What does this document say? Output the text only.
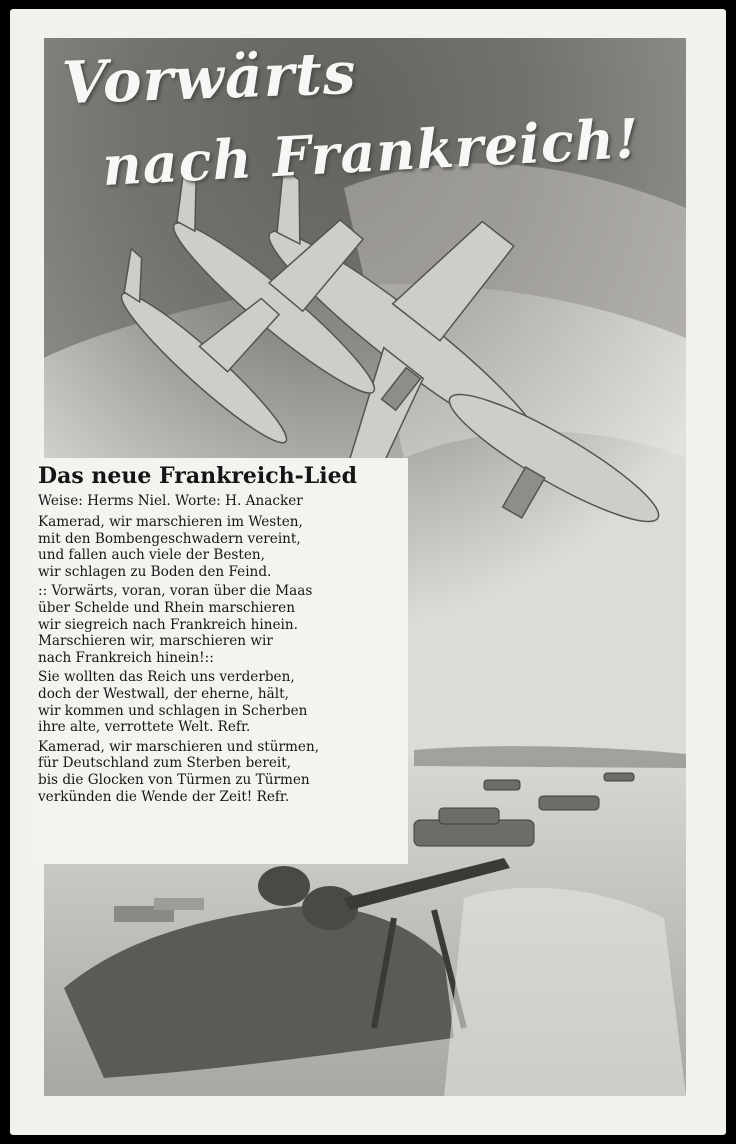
Vorwärts
nach Frankreich!
Das neue Frankreich-Lied
Weise: Herms Niel. Worte: H. Anacker
Kamerad, wir marschieren im Westen,
mit den Bombengeschwadern vereint,
und fallen auch viele der Besten,
wir schlagen zu Boden den Feind.
:: Vorwärts, voran, voran über die Maas
über Schelde und Rhein marschieren
wir siegreich nach Frankreich hinein.
Marschieren wir, marschieren wir
nach Frankreich hinein!::
Sie wollten das Reich uns verderben,
doch der Westwall, der eherne, hält,
wir kommen und schlagen in Scherben
ihre alte, verrottete Welt. Refr.
Kamerad, wir marschieren und stürmen,
für Deutschland zum Sterben bereit,
bis die Glocken von Türmen zu Türmen
verkünden die Wende der Zeit! Refr.
